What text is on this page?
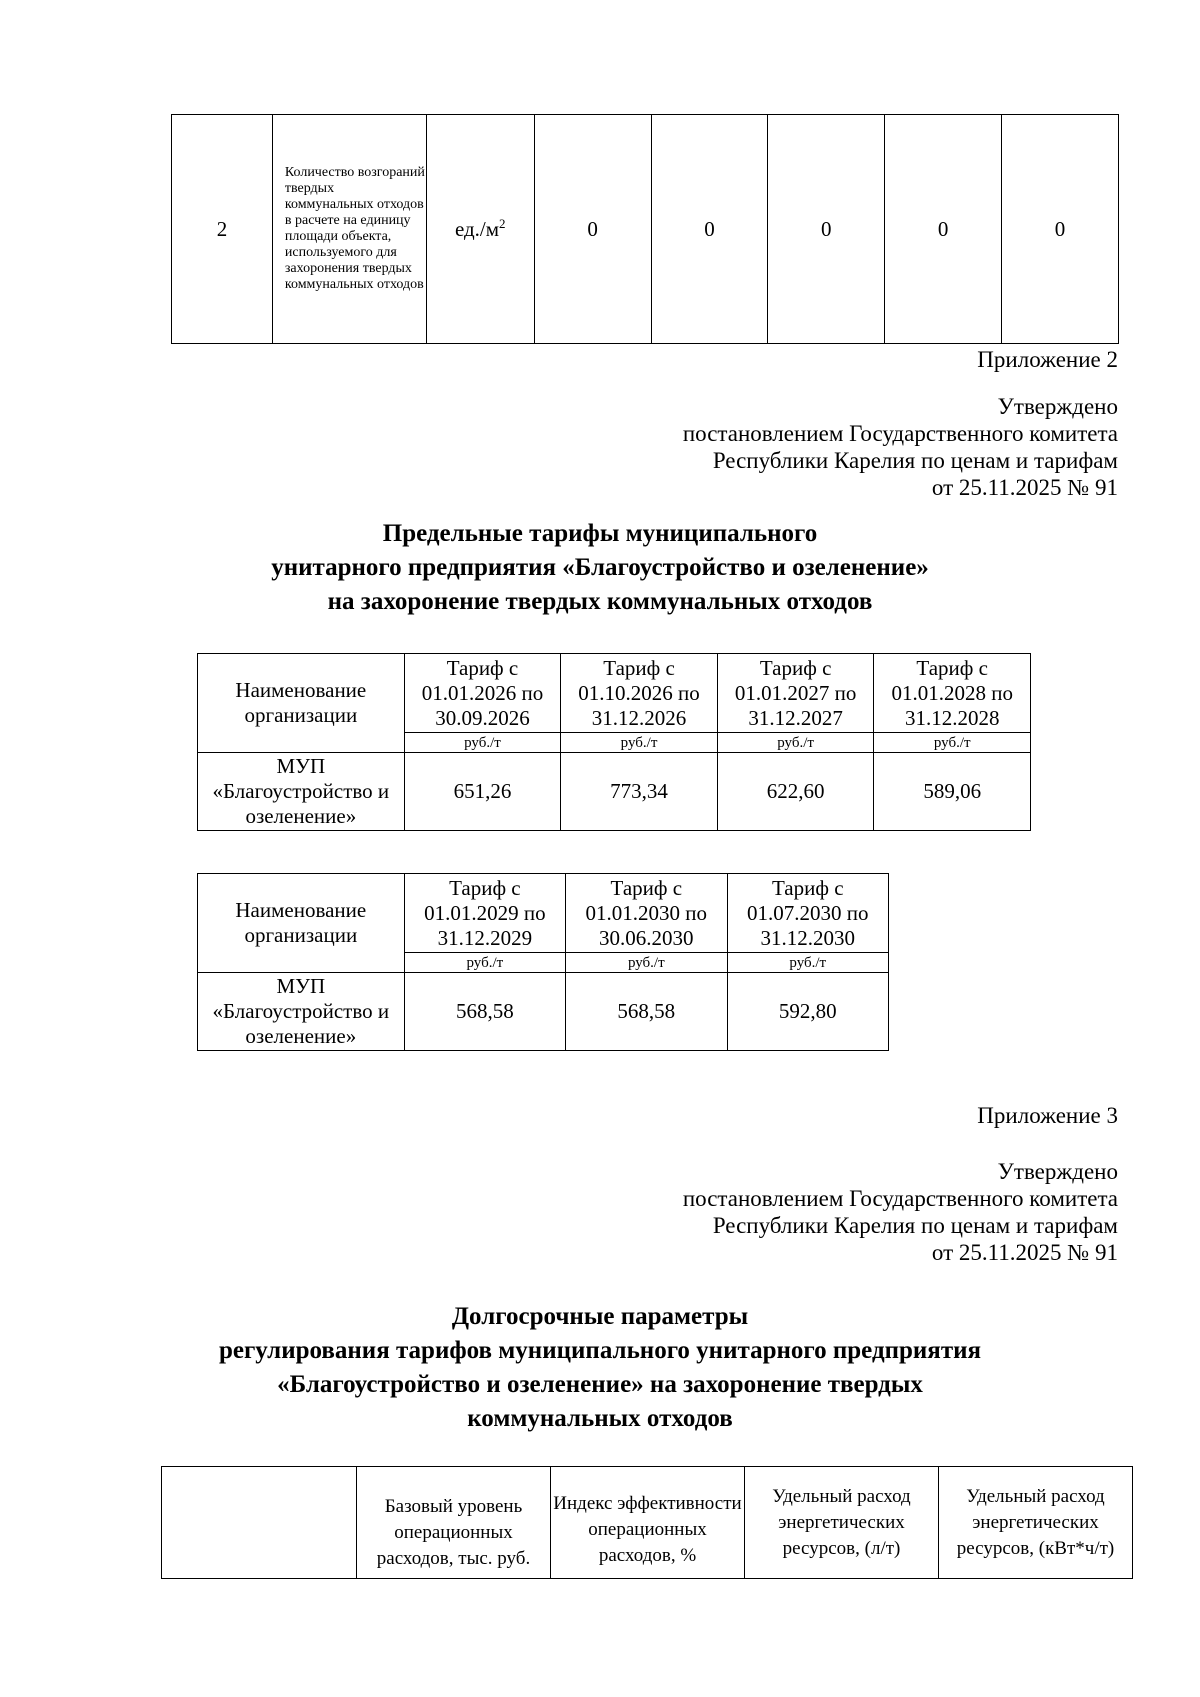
2	Количество возгораний твердых коммунальных отходов в расчете на единицу площади объекта, используемого для захоронения твердых коммунальных отходов	$ед./м^2$	0	0	0	0	0
Приложение 2
Утверждено
постановлением Государственного комитета
Республики Карелия по ценам и тарифам
от 25.11.2025 № 91
Предельные тарифы муниципального
унитарного предприятия «Благоустройство и озеленение»
на захоронение твердых коммунальных отходов
Наименование организации	Тариф с 01.01.2026 по 30.09.2026	Тариф с 01.10.2026 по 31.12.2026	Тариф с 01.01.2027 по 31.12.2027	Тариф с 01.01.2028 по 31.12.2028
	руб./т	руб./т	руб./т	руб./т
МУП «Благоустройство и озеленение»	651,26	773,34	622,60	589,06
Наименование организации	Тариф с 01.01.2029 по 31.12.2029	Тариф с 01.01.2030 по 30.06.2030	Тариф с 01.07.2030 по 31.12.2030
	руб./т	руб./т	руб./т
МУП «Благоустройство и озеленение»	568,58	568,58	592,80
Приложение 3
Утверждено
постановлением Государственного комитета
Республики Карелия по ценам и тарифам
от 25.11.2025 № 91
Долгосрочные параметры
регулирования тарифов муниципального унитарного предприятия
«Благоустройство и озеленение» на захоронение твердых
коммунальных отходов
	Базовый уровень операционных расходов, тыс. руб.	Индекс эффективности операционных расходов, %	Удельный расход энергетических ресурсов, (л/т)	Удельный расход энергетических ресурсов, (кВт*ч/т)
